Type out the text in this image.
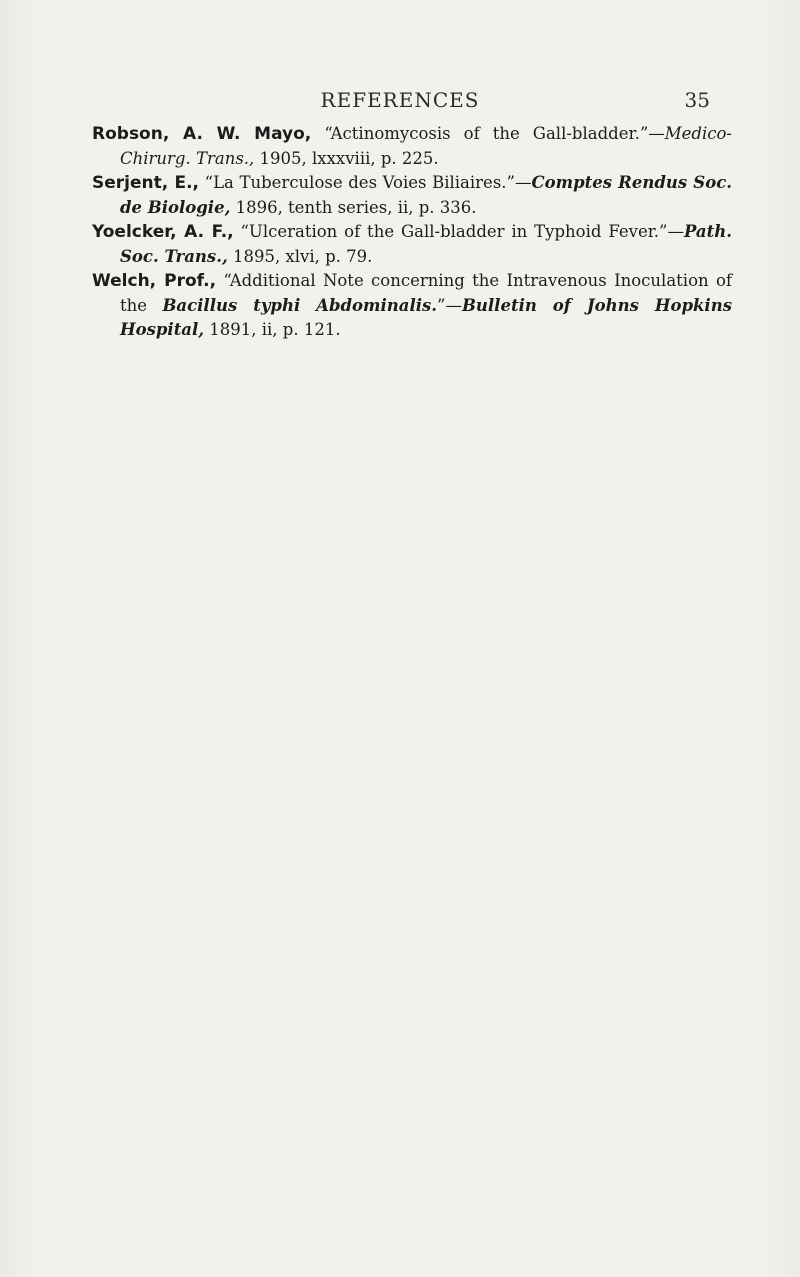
REFERENCES	35
Robson, A. W. Mayo, “Actinomycosis of the Gall-bladder.”—Medico-Chirurg. Trans., 1905, lxxxviii, p. 225.
Serjent, E., “La Tuberculose des Voies Biliaires.”—Comptes Rendus Soc. de Biologie, 1896, tenth series, ii, p. 336.
Yoelcker, A. F., “Ulceration of the Gall-bladder in Typhoid Fever.”—Path. Soc. Trans., 1895, xlvi, p. 79.
Welch, Prof., “Additional Note concerning the Intravenous Inoculation of the Bacillus typhi Abdominalis.”—Bulletin of Johns Hopkins Hospital, 1891, ii, p. 121.
